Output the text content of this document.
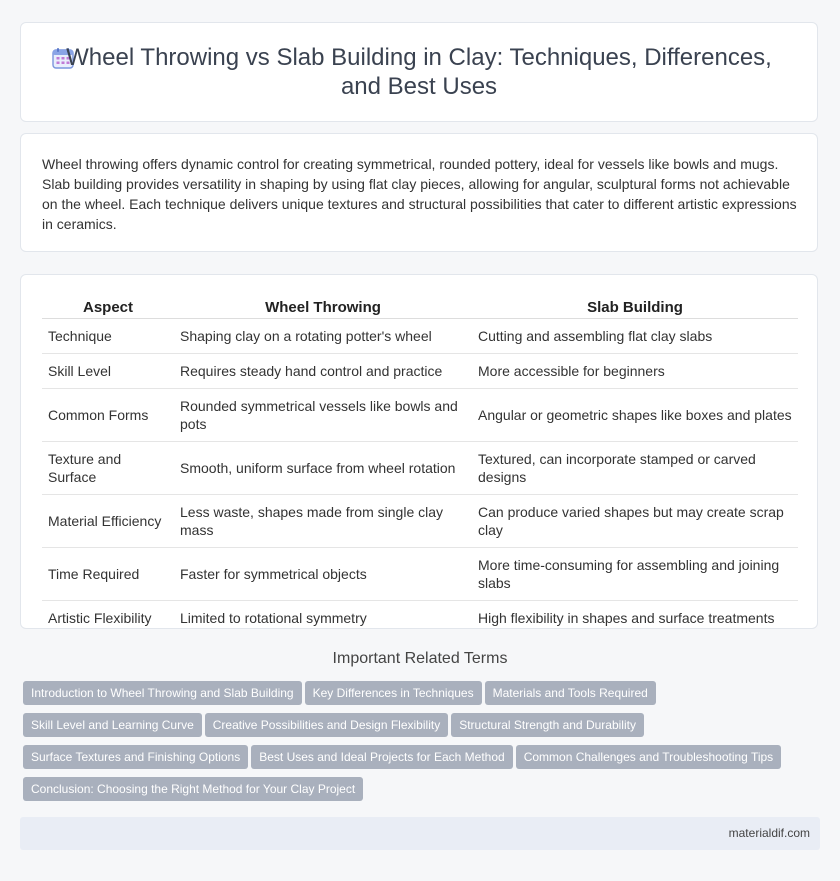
Wheel Throwing vs Slab Building in Clay: Techniques, Differences, and Best Uses

Wheel throwing offers dynamic control for creating symmetrical, rounded pottery, ideal for vessels like bowls and mugs. Slab building provides versatility in shaping by using flat clay pieces, allowing for angular, sculptural forms not achievable on the wheel. Each technique delivers unique textures and structural possibilities that cater to different artistic expressions in ceramics.

Aspect	Wheel Throwing	Slab Building
Technique	Shaping clay on a rotating potter's wheel	Cutting and assembling flat clay slabs
Skill Level	Requires steady hand control and practice	More accessible for beginners
Common Forms	Rounded symmetrical vessels like bowls and pots	Angular or geometric shapes like boxes and plates
Texture and Surface	Smooth, uniform surface from wheel rotation	Textured, can incorporate stamped or carved designs
Material Efficiency	Less waste, shapes made from single clay mass	Can produce varied shapes but may create scrap clay
Time Required	Faster for symmetrical objects	More time-consuming for assembling and joining slabs
Artistic Flexibility	Limited to rotational symmetry	High flexibility in shapes and surface treatments
Important Related Terms
Introduction to Wheel Throwing and Slab Building Key Differences in Techniques Materials and Tools Required
Skill Level and Learning Curve Creative Possibilities and Design Flexibility Structural Strength and Durability
Surface Textures and Finishing Options Best Uses and Ideal Projects for Each Method Common Challenges and Troubleshooting Tips
Conclusion: Choosing the Right Method for Your Clay Project
materialdif.com
